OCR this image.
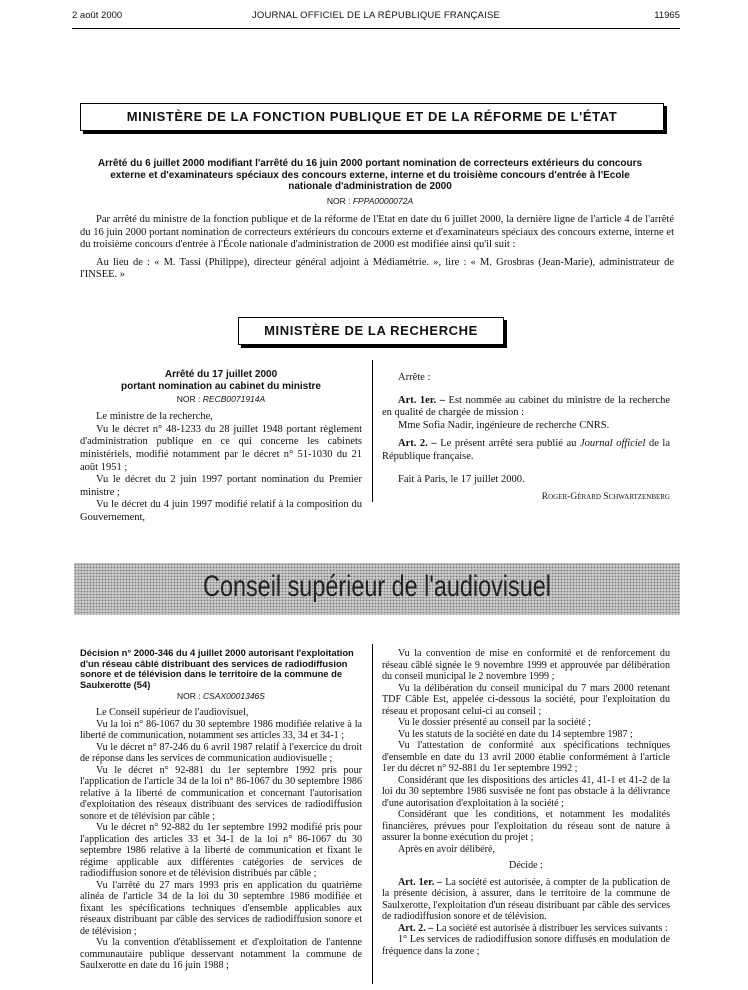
2 août 2000	JOURNAL OFFICIEL DE LA RÉPUBLIQUE FRANÇAISE	11965
MINISTÈRE DE LA FONCTION PUBLIQUE ET DE LA RÉFORME DE L'ÉTAT
Arrêté du 6 juillet 2000 modifiant l'arrêté du 16 juin 2000 portant nomination de correcteurs extérieurs du concours externe et d'examinateurs spéciaux des concours externe, interne et du troisième concours d'entrée à l'Ecole nationale d'administration de 2000
NOR : FPPA0000072A

Par arrêté du ministre de la fonction publique et de la réforme de l'Etat en date du 6 juillet 2000, la dernière ligne de l'article 4 de l'arrêté du 16 juin 2000 portant nomination de correcteurs extérieurs du concours externe et d'examinateurs spéciaux des concours externe, interne et du troisième concours d'entrée à l'École nationale d'administration de 2000 est modifiée ainsi qu'il suit :

Au lieu de : « M. Tassi (Philippe), directeur général adjoint à Médiamétrie. », lire : « M. Grosbras (Jean-Marie), administrateur de l'INSEE. »

MINISTÈRE DE LA RECHERCHE
Arrêté du 17 juillet 2000
portant nomination au cabinet du ministre
NOR : RECB0071914A

Le ministre de la recherche,

Vu le décret n° 48-1233 du 28 juillet 1948 portant règlement d'administration publique en ce qui concerne les cabinets ministériels, modifié notamment par le décret n° 51-1030 du 21 août 1951 ;

Vu le décret du 2 juin 1997 portant nomination du Premier ministre ;

Vu le décret du 4 juin 1997 modifié relatif à la composition du Gouvernement,

Arrête :

Art. 1er. – Est nommée au cabinet du ministre de la recherche en qualité de chargée de mission :

Mme Sofia Nadir, ingénieure de recherche CNRS.

Art. 2. – Le présent arrêté sera publié au Journal officiel de la République française.

Fait à Paris, le 17 juillet 2000.

Roger-Gérard Schwartzenberg

Conseil supérieur de l'audiovisuel
Décision n° 2000-346 du 4 juillet 2000 autorisant l'exploitation d'un réseau câblé distribuant des services de radiodiffusion sonore et de télévision dans le territoire de la commune de Saulxerotte (54)
NOR : CSAX0001346S

Le Conseil supérieur de l'audiovisuel,

Vu la loi n° 86-1067 du 30 septembre 1986 modifiée relative à la liberté de communication, notamment ses articles 33, 34 et 34-1 ;

Vu le décret n° 87-246 du 6 avril 1987 relatif à l'exercice du droit de réponse dans les services de communication audiovisuelle ;

Vu le décret n° 92-881 du 1er septembre 1992 pris pour l'application de l'article 34 de la loi n° 86-1067 du 30 septembre 1986 relative à la liberté de communication et concernant l'autorisation d'exploitation des réseaux distribuant des services de radiodiffusion sonore et de télévision par câble ;

Vu le décret n° 92-882 du 1er septembre 1992 modifié pris pour l'application des articles 33 et 34-1 de la loi n° 86-1067 du 30 septembre 1986 relative à la liberté de communication et fixant le régime applicable aux différentes catégories de services de radiodiffusion sonore et de télévision distribués par câble ;

Vu l'arrêté du 27 mars 1993 pris en application du quatrième alinéa de l'article 34 de la loi du 30 septembre 1986 modifiée et fixant les spécifications techniques d'ensemble applicables aux réseaux distribuant par câble des services de radiodiffusion sonore et de télévision ;

Vu la convention d'établissement et d'exploitation de l'antenne communautaire publique desservant notamment la commune de Saulxerotte en date du 16 juin 1988 ;

Vu la convention de mise en conformité et de renforcement du réseau câblé signée le 9 novembre 1999 et approuvée par délibération du conseil municipal le 2 novembre 1999 ;

Vu la délibération du conseil municipal du 7 mars 2000 retenant TDF Câble Est, appelée ci-dessous la société, pour l'exploitation du réseau et proposant celui-ci au conseil ;

Vu le dossier présenté au conseil par la société ;

Vu les statuts de la société en date du 14 septembre 1987 ;

Vu l'attestation de conformité aux spécifications techniques d'ensemble en date du 13 avril 2000 établie conformément à l'article 1er du décret n° 92-881 du 1er septembre 1992 ;

Considérant que les dispositions des articles 41, 41-1 et 41-2 de la loi du 30 septembre 1986 susvisée ne font pas obstacle à la délivrance d'une autorisation d'exploitation à la société ;

Considérant que les conditions, et notamment les modalités financières, prévues pour l'exploitation du réseau sont de nature à assurer la bonne exécution du projet ;

Après en avoir délibéré,

Décide :

Art. 1er. – La société est autorisée, à compter de la publication de la présente décision, à assurer, dans le territoire de la commune de Saulxerotte, l'exploitation d'un réseau distribuant par câble des services de radiodiffusion sonore et de télévision.

Art. 2. – La société est autorisée à distribuer les services suivants :

1° Les services de radiodiffusion sonore diffusés en modulation de fréquence dans la zone ;
